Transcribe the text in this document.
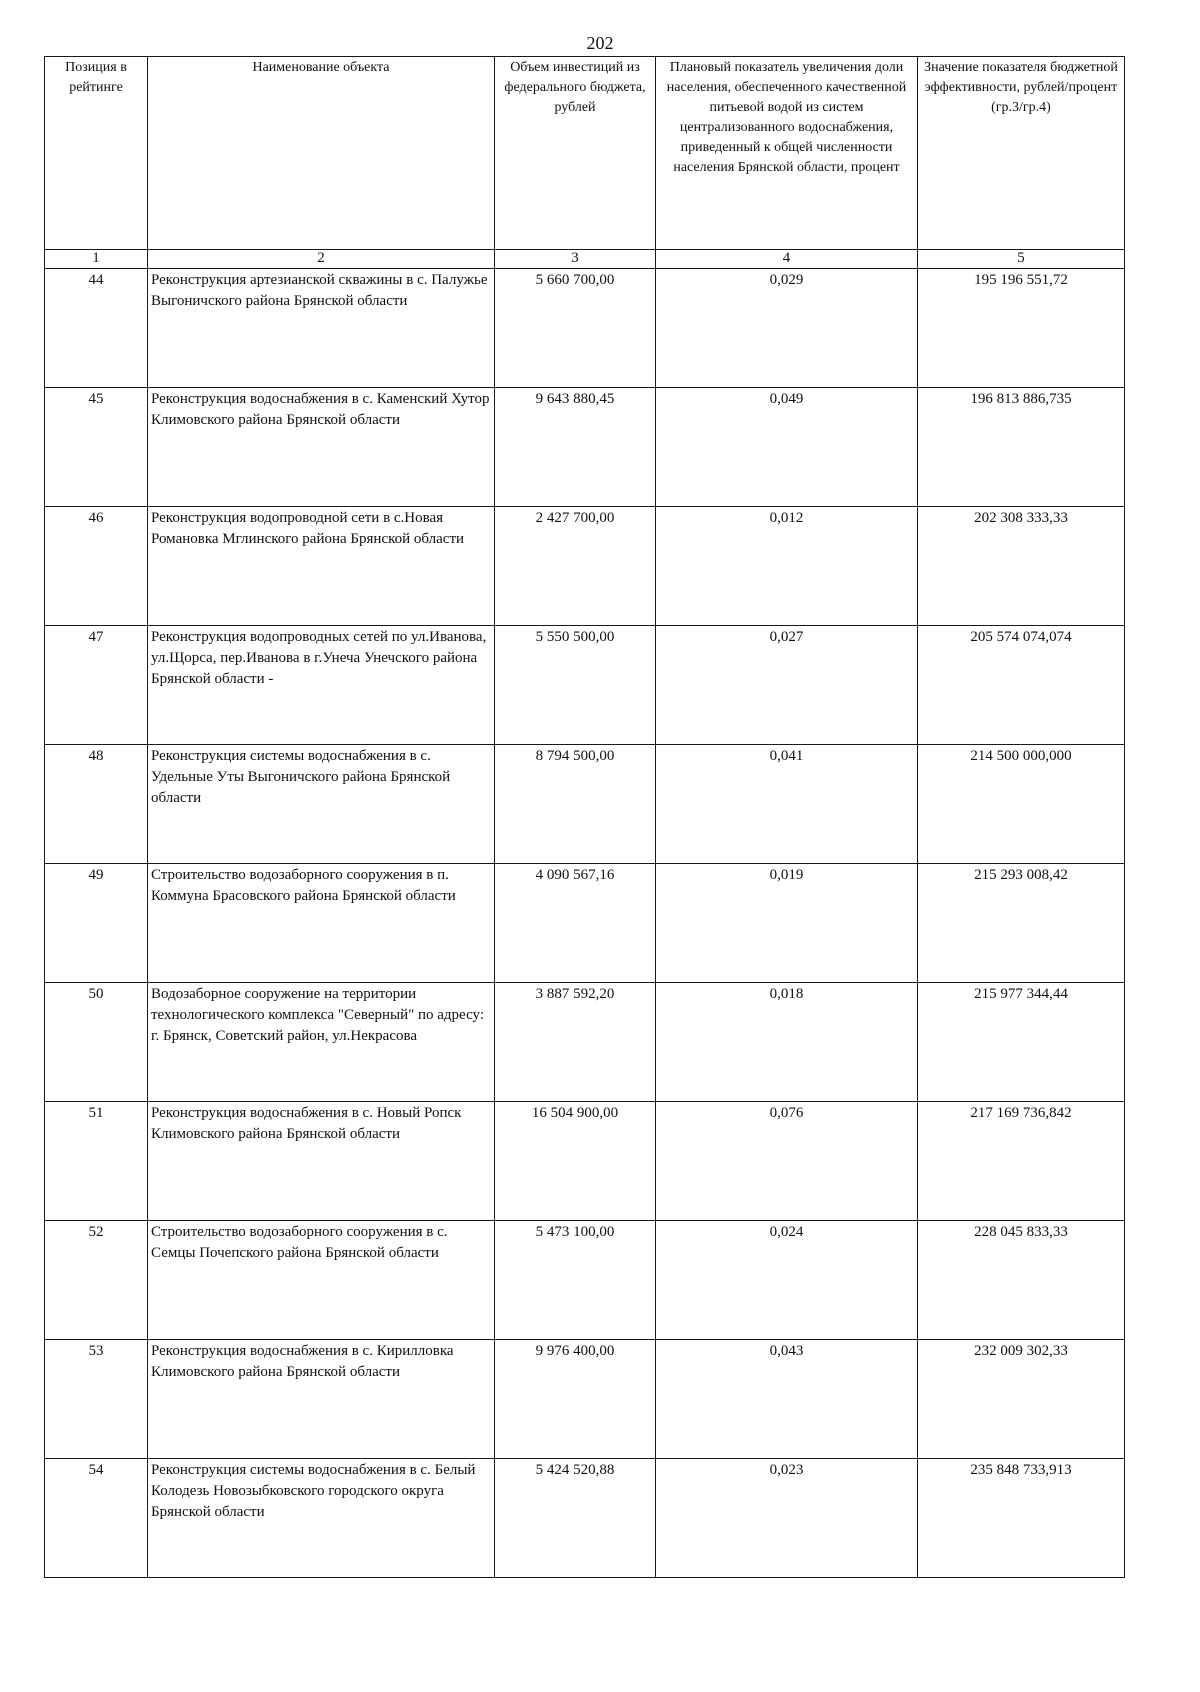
202
Позиция в рейтинге	Наименование объекта	Объем инвестиций из федерального бюджета, рублей	Плановый показатель увеличения доли населения, обеспеченного качественной питьевой водой из систем централизованного водоснабжения, приведенный к общей численности населения Брянской области, процент	Значение показателя бюджетной эффективности, рублей/процент (гр.3/гр.4)
1	2	3	4	5
44	Реконструкция артезианской скважины в с. Палужье Выгоничского района Брянской области	5 660 700,00	0,029	195 196 551,72
45	Реконструкция водоснабжения в с. Каменский Хутор Климовского района Брянской области	9 643 880,45	0,049	196 813 886,735
46	Реконструкция водопроводной сети в с.Новая Романовка Мглинского района Брянской области	2 427 700,00	0,012	202 308 333,33
47	Реконструкция водопроводных сетей по ул.Иванова, ул.Щорса, пер.Иванова в г.Унеча Унечского района Брянской области -	5 550 500,00	0,027	205 574 074,074
48	Реконструкция системы водоснабжения в с. Удельные Уты Выгоничского района Брянской области	8 794 500,00	0,041	214 500 000,000
49	Строительство водозаборного сооружения в п. Коммуна Брасовского района Брянской области	4 090 567,16	0,019	215 293 008,42
50	Водозаборное сооружение на территории технологического комплекса "Северный" по адресу: г. Брянск, Советский район, ул.Некрасова	3 887 592,20	0,018	215 977 344,44
51	Реконструкция водоснабжения в с. Новый Ропск Климовского района Брянской области	16 504 900,00	0,076	217 169 736,842
52	Строительство водозаборного сооружения в с. Семцы Почепского района Брянской области	5 473 100,00	0,024	228 045 833,33
53	Реконструкция водоснабжения в с. Кирилловка Климовского района Брянской области	9 976 400,00	0,043	232 009 302,33
54	Реконструкция системы водоснабжения в с. Белый Колодезь Новозыбковского городского округа Брянской области	5 424 520,88	0,023	235 848 733,913
